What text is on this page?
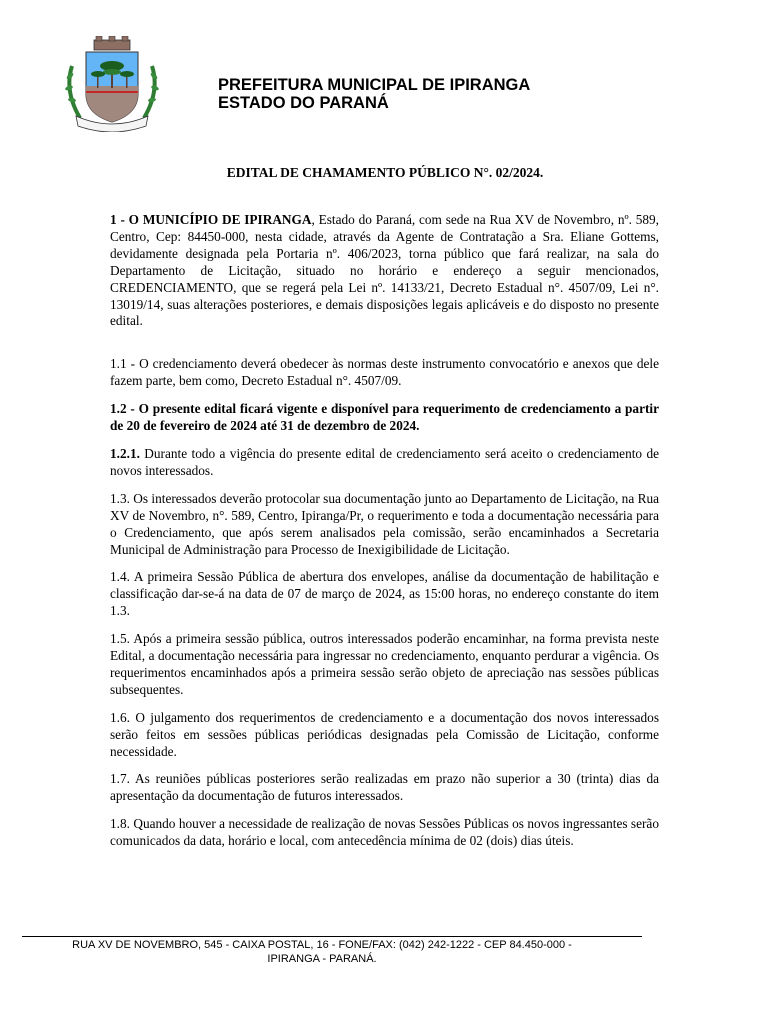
PREFEITURA MUNICIPAL DE IPIRANGA
ESTADO DO PARANÁ
EDITAL DE CHAMAMENTO PÚBLICO N°. 02/2024.

1 - O MUNICÍPIO DE IPIRANGA, Estado do Paraná, com sede na Rua XV de Novembro, nº. 589, Centro, Cep: 84450-000, nesta cidade, através da Agente de Contratação a Sra. Eliane Gottems, devidamente designada pela Portaria nº. 406/2023, torna público que fará realizar, na sala do Departamento de Licitação, situado no horário e endereço a seguir mencionados, CREDENCIAMENTO, que se regerá pela Lei nº. 14133/21, Decreto Estadual n°. 4507/09, Lei n°. 13019/14, suas alterações posteriores, e demais disposições legais aplicáveis e do disposto no presente edital.

1.1 - O credenciamento deverá obedecer às normas deste instrumento convocatório e anexos que dele fazem parte, bem como, Decreto Estadual n°. 4507/09.

1.2 - O presente edital ficará vigente e disponível para requerimento de credenciamento a partir de 20 de fevereiro de 2024 até 31 de dezembro de 2024.

1.2.1. Durante todo a vigência do presente edital de credenciamento será aceito o credenciamento de novos interessados.

1.3. Os interessados deverão protocolar sua documentação junto ao Departamento de Licitação, na Rua XV de Novembro, n°. 589, Centro, Ipiranga/Pr, o requerimento e toda a documentação necessária para o Credenciamento, que após serem analisados pela comissão, serão encaminhados a Secretaria Municipal de Administração para Processo de Inexigibilidade de Licitação.

1.4. A primeira Sessão Pública de abertura dos envelopes, análise da documentação de habilitação e classificação dar-se-á na data de 07 de março de 2024, as 15:00 horas, no endereço constante do item 1.3.

1.5. Após a primeira sessão pública, outros interessados poderão encaminhar, na forma prevista neste Edital, a documentação necessária para ingressar no credenciamento, enquanto perdurar a vigência. Os requerimentos encaminhados após a primeira sessão serão objeto de apreciação nas sessões públicas subsequentes.

1.6. O julgamento dos requerimentos de credenciamento e a documentação dos novos interessados serão feitos em sessões públicas periódicas designadas pela Comissão de Licitação, conforme necessidade.

1.7. As reuniões públicas posteriores serão realizadas em prazo não superior a 30 (trinta) dias da apresentação da documentação de futuros interessados.

1.8. Quando houver a necessidade de realização de novas Sessões Públicas os novos ingressantes serão comunicados da data, horário e local, com antecedência mínima de 02 (dois) dias úteis.

RUA XV DE NOVEMBRO, 545 - CAIXA POSTAL, 16 - FONE/FAX: (042) 242-1222 - CEP 84.450-000 -
IPIRANGA - PARANÁ.
